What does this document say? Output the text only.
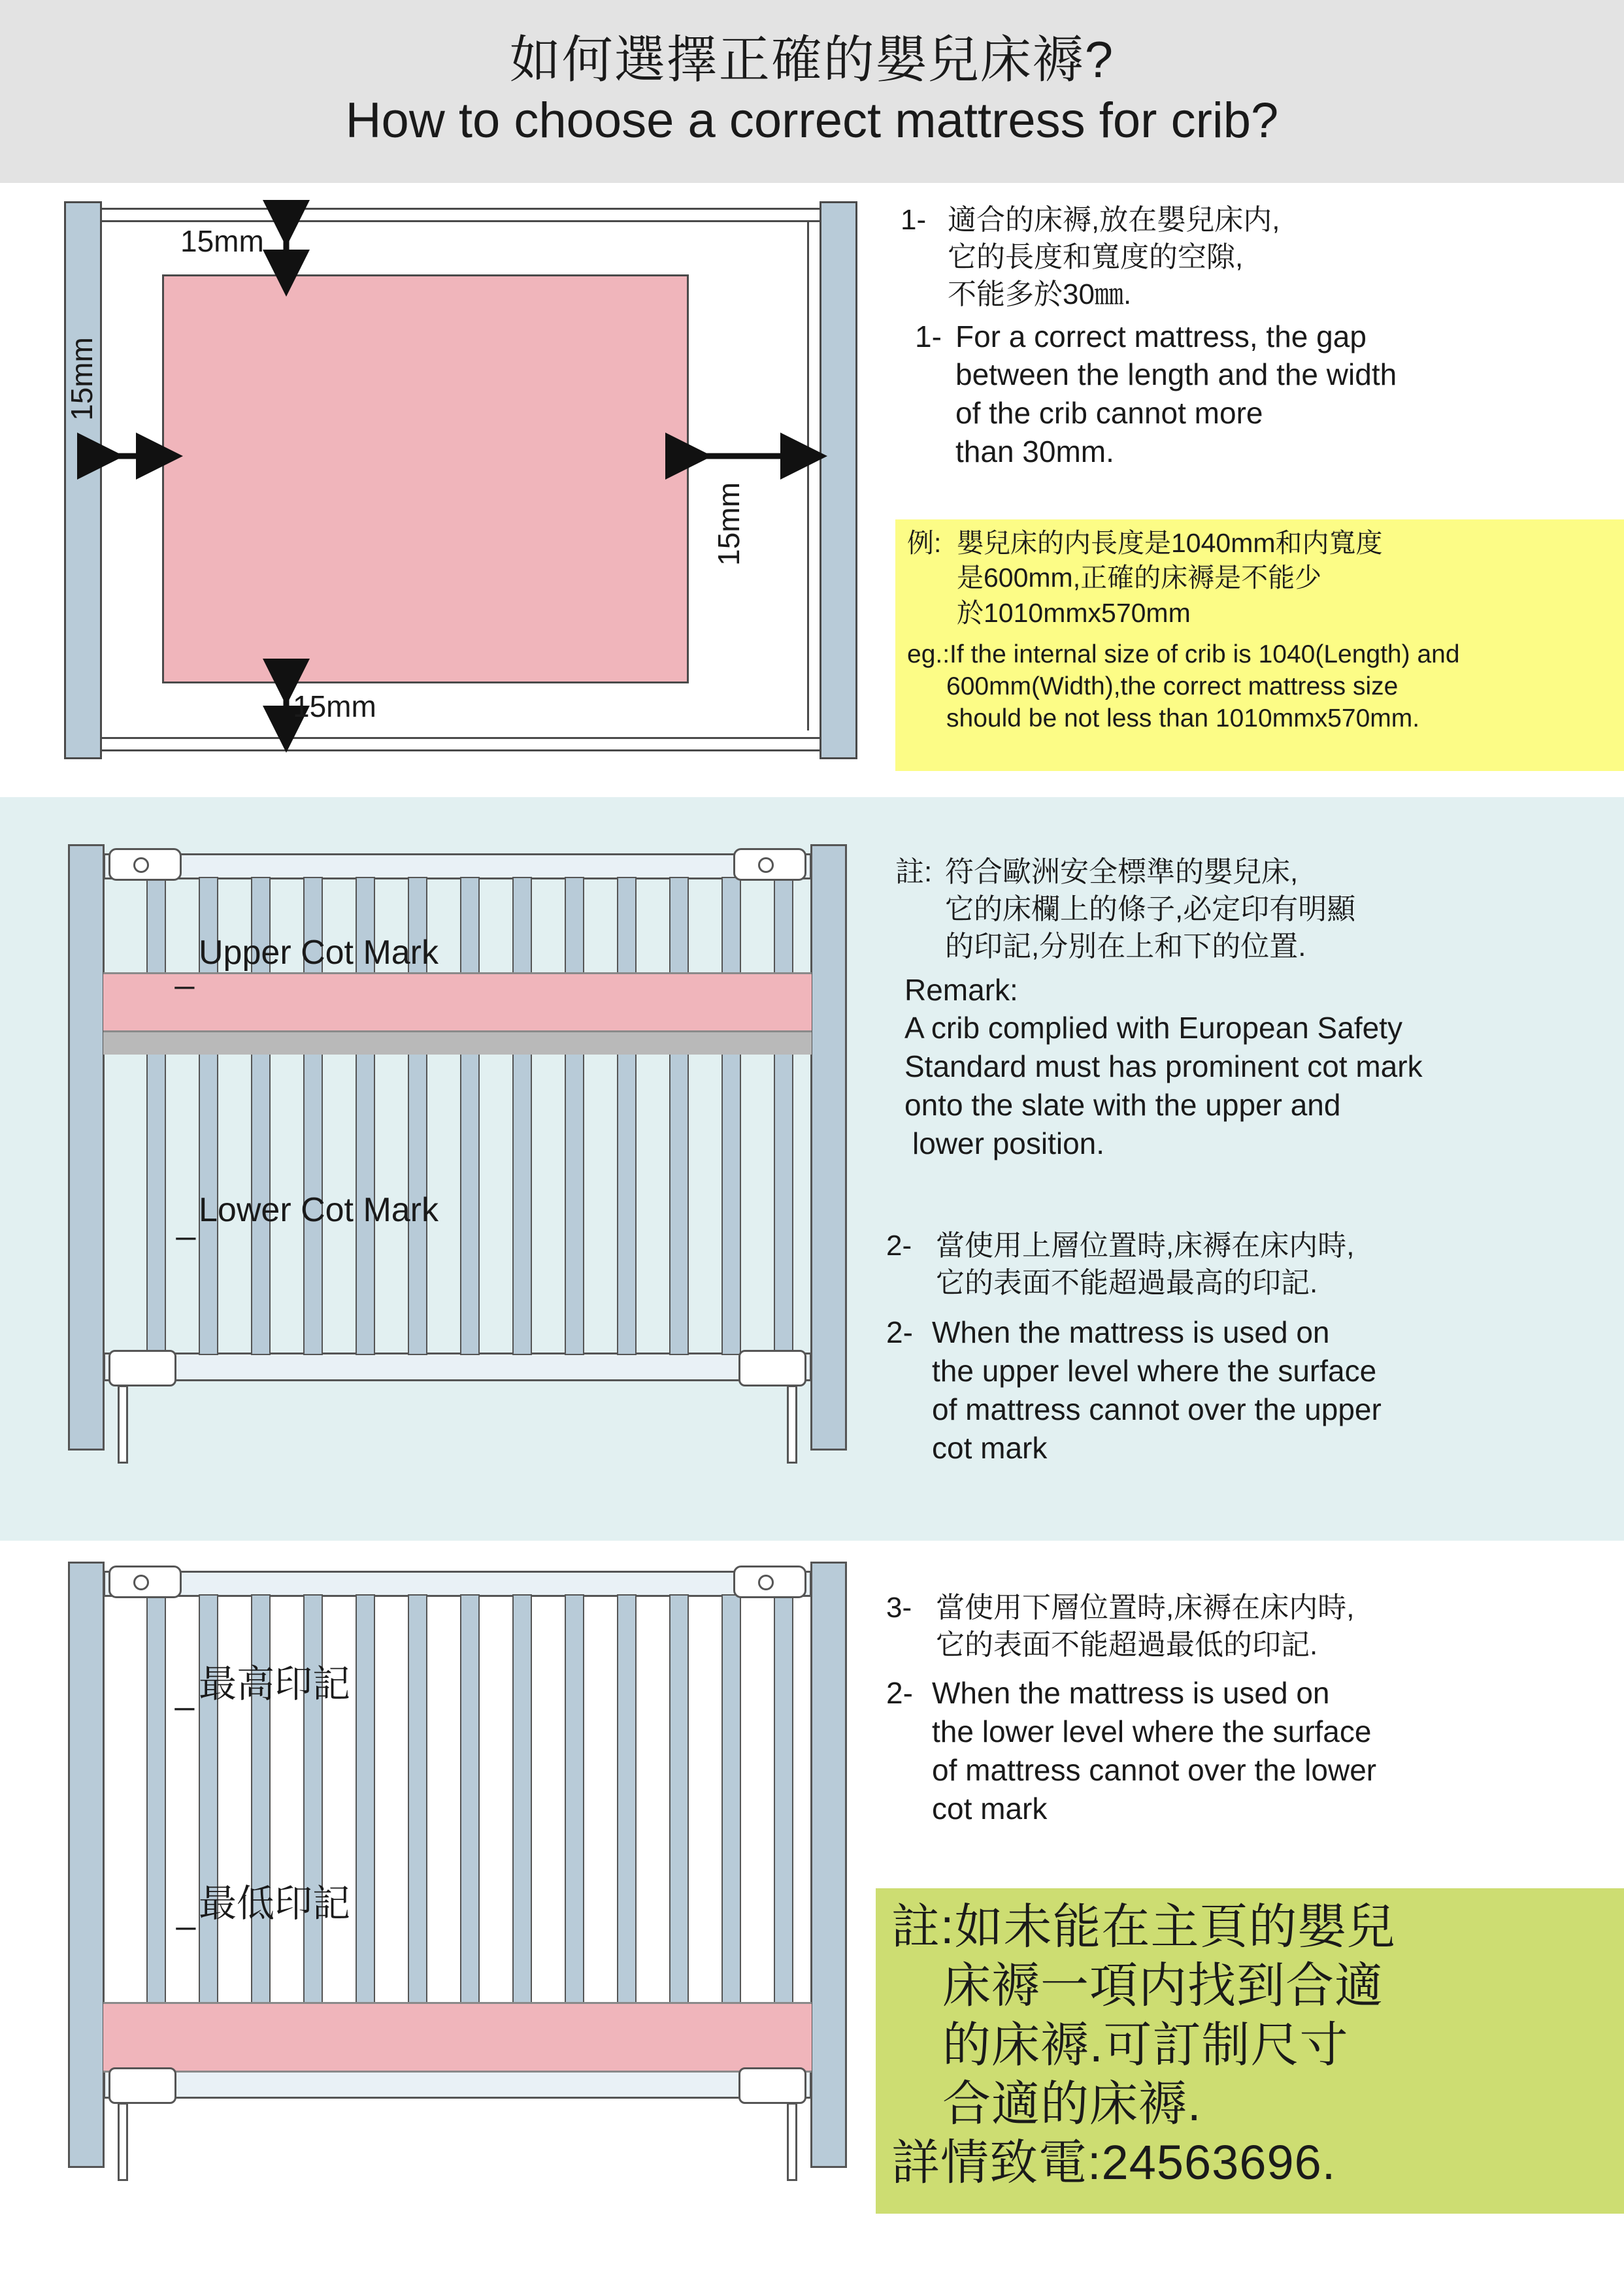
如何選擇正確的嬰兒床褥?
How to choose a correct mattress for crib?
15mm
15mm
15mm
15mm
1- 適合的床褥,放在嬰兒床内,
它的長度和寬度的空隙,
不能多於30㎜.
1- For a correct mattress, the gap
between the length and the width
of the crib cannot more
than 30mm.
例: 嬰兒床的内長度是1040mm和内寬度
是600mm,正確的床褥是不能少
於1010mmx570mm
eg.:If the internal size of crib is 1040(Length) and
600mm(Width),the correct mattress size
should be not less than 1010mmx570mm.
_ Upper Cot Mark
_ Lower Cot Mark
註: 符合歐洲安全標準的嬰兒床,
它的床欄上的條子,必定印有明顯
的印記,分別在上和下的位置.
Remark:
A crib complied with European Safety
Standard must has prominent cot mark
onto the slate with the upper and
lower position.
2- 當使用上層位置時,床褥在床内時,
它的表面不能超過最高的印記.
2- When the mattress is used on
the upper level where the surface
of mattress cannot over the upper
cot mark
_ 最高印記
_ 最低印記
3- 當使用下層位置時,床褥在床内時,
它的表面不能超過最低的印記.
2- When the mattress is used on
the lower level where the surface
of mattress cannot over the lower
cot mark
註:如未能在主頁的嬰兒
床褥一項内找到合適
的床褥.可訂制尺寸
合適的床褥.
詳情致電:24563696.
